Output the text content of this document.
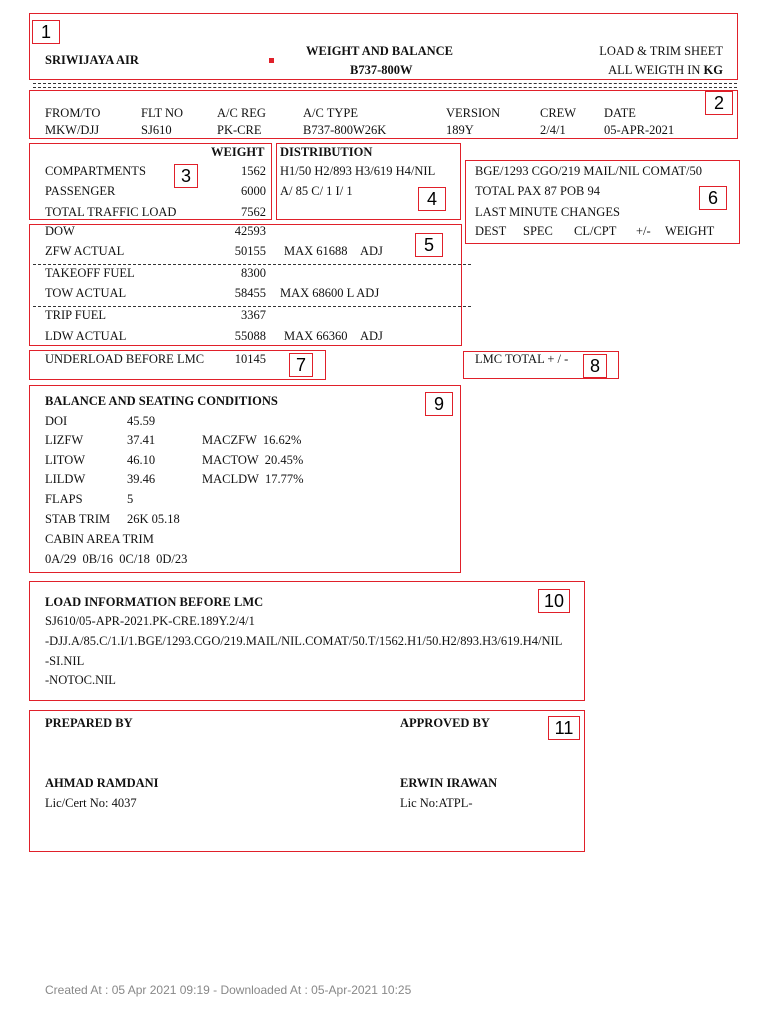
1
SRIWIJAYA AIR
WEIGHT AND BALANCE
B737-800W
LOAD & TRIM SHEET
ALL WEIGTH IN KG
2
FROM/TO	FLT NO	A/C REG	A/C TYPE	VERSION	CREW DATE
MKW/DJJ	SJ610	PK-CRE	B737-800W26K	189Y	2/4/1	05-APR-2021
3
WEIGHT
COMPARTMENTS	1562
PASSENGER	6000
TOTAL TRAFFIC LOAD	7562
4
DISTRIBUTION
H1/50 H2/893 H3/619 H4/NIL
A/ 85 C/ 1 I/ 1	6
BGE/1293 CGO/219 MAIL/NIL COMAT/50
TOTAL PAX 87 POB 94
LAST MINUTE CHANGES
DEST SPEC CL/CPT +/- WEIGHT
5
DOW	42593
ZFW ACTUAL	50155 MAX 61688 ADJ
TAKEOFF FUEL	8300
TOW ACTUAL	58455 MAX 68600 L ADJ
TRIP FUEL	3367
LDW ACTUAL	55088 MAX 66360 ADJ
7
UNDERLOAD BEFORE LMC 10145	8
LMC TOTAL + / -
9
BALANCE AND SEATING CONDITIONS
DOI	45.59
LIZFW	37.41	MACZFW  16.62%
LITOW	46.10	MACTOW  20.45%
LILDW	39.46	MACLDW  17.77%
FLAPS	5
STAB TRIM 26K 05.18
CABIN AREA TRIM
0A/29  0B/16  0C/18  0D/23
10
LOAD INFORMATION BEFORE LMC
SJ610/05-APR-2021.PK-CRE.189Y.2/4/1
-DJJ.A/85.C/1.I/1.BGE/1293.CGO/219.MAIL/NIL.COMAT/50.T/1562.H1/50.H2/893.H3/619.H4/NIL
-SI.NIL
-NOTOC.NIL
11
PREPARED BY	APPROVED BY
AHMAD RAMDANI
Lic/Cert No: 4037
ERWIN IRAWAN
Lic No:ATPL-
Created At : 05 Apr 2021 09:19 - Downloaded At : 05-Apr-2021 10:25
